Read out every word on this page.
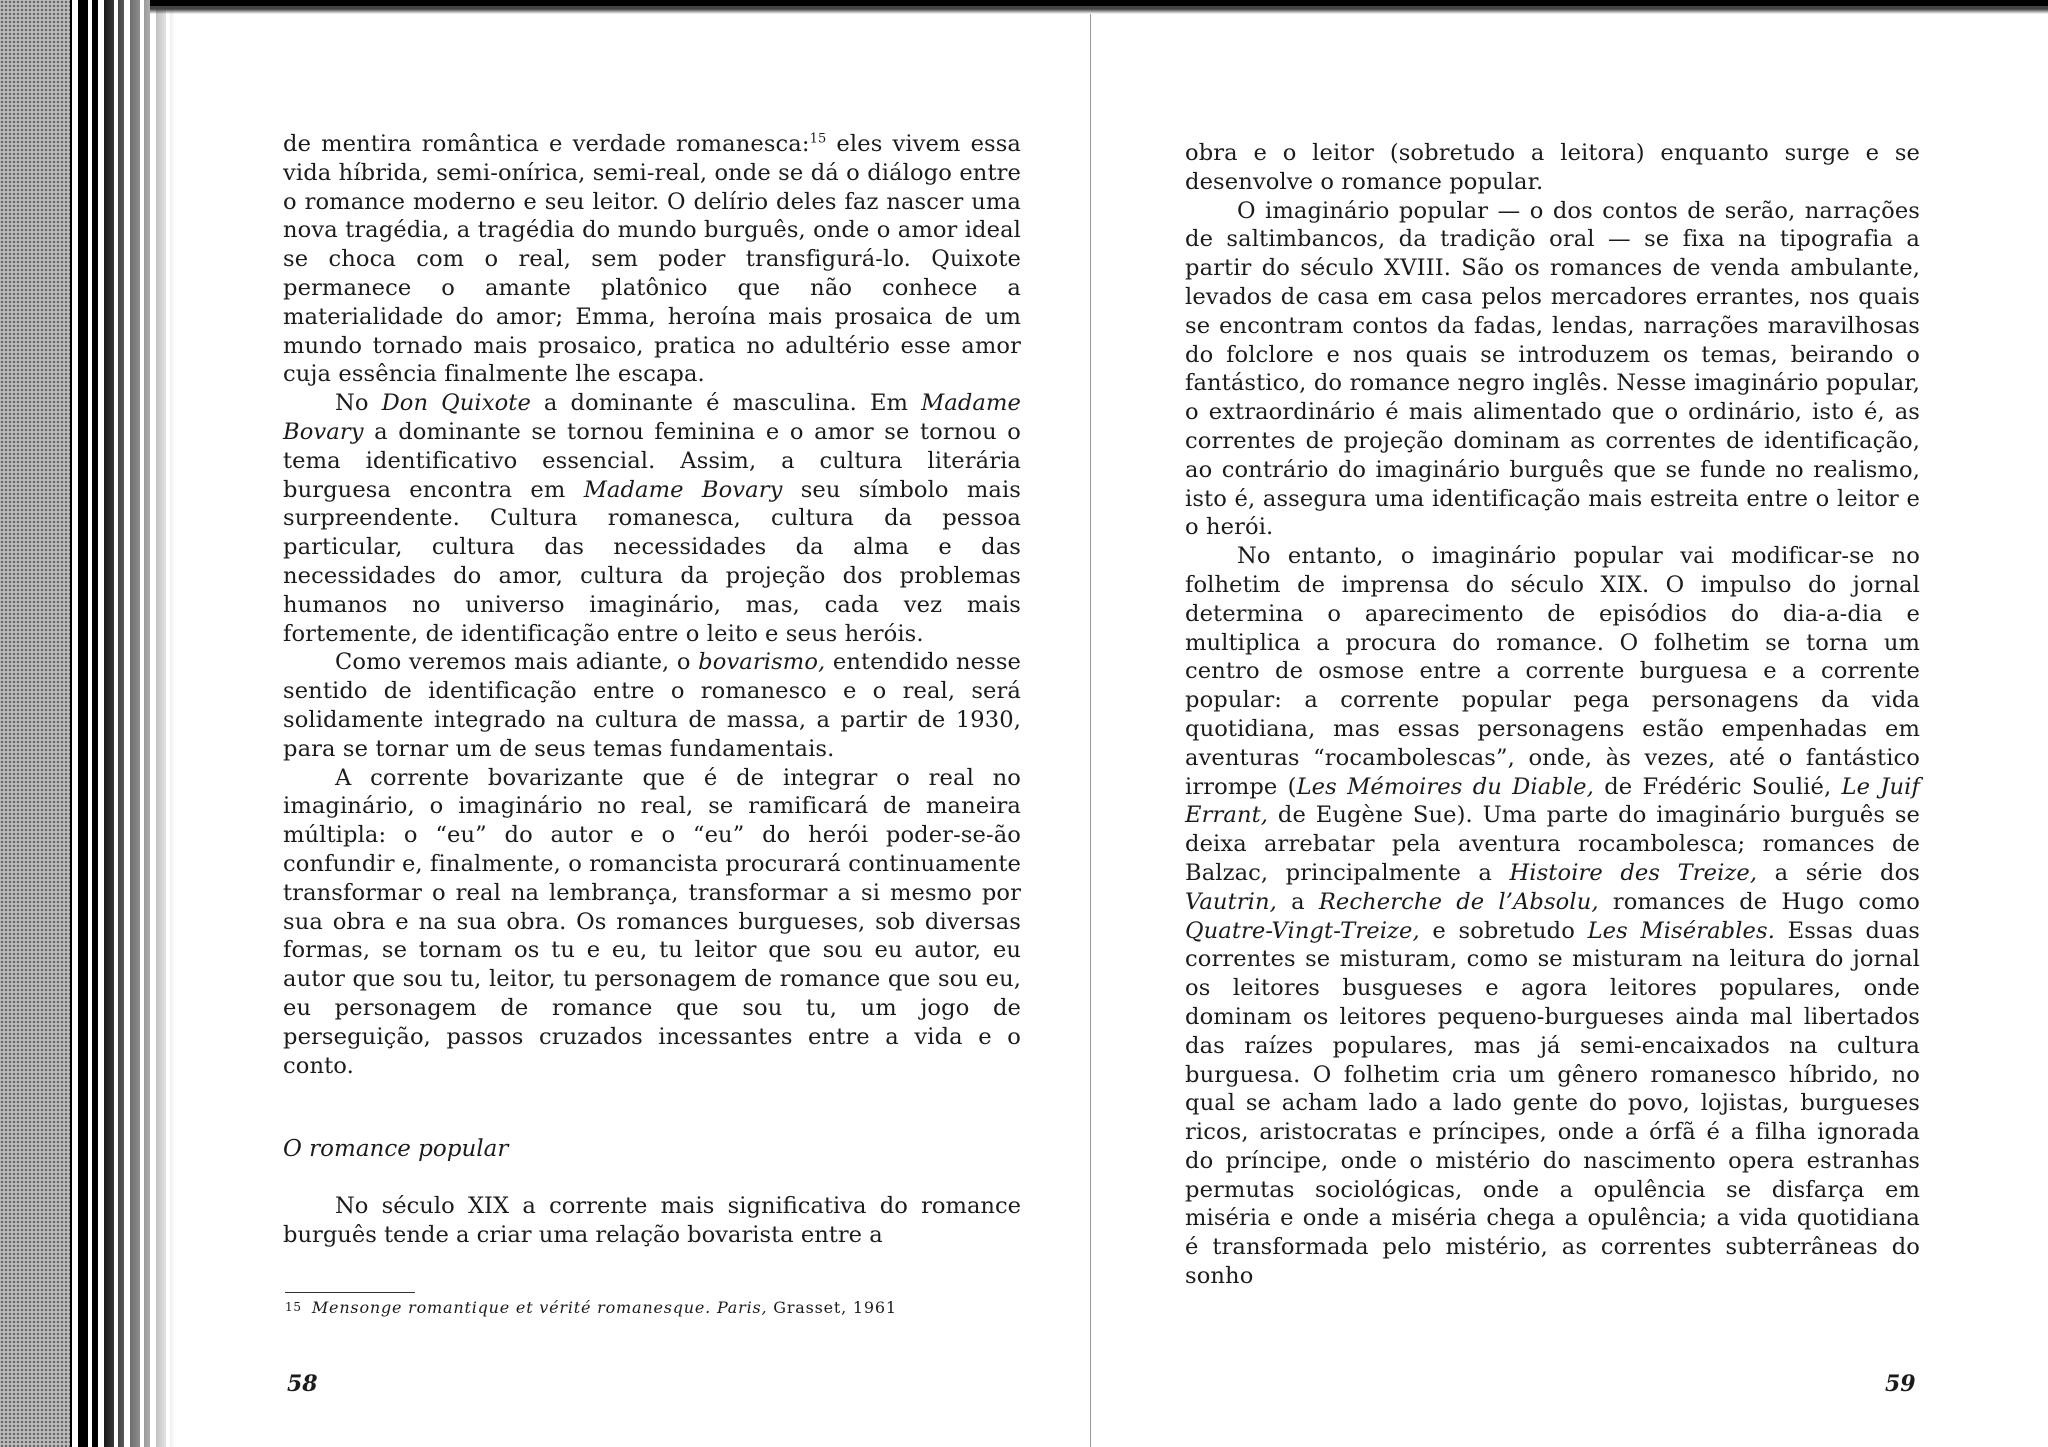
de mentira romântica e verdade romanesca:$^{15}$ eles vivem essa vida híbrida, semi-onírica, semi-real, onde se dá o diálogo entre o romance moderno e seu leitor. O delírio deles faz nascer uma nova tragédia, a tragédia do mundo burguês, onde o amor ideal se choca com o real, sem poder transfigurá-lo. Quixote permanece o amante platônico que não conhece a materialidade do amor; Emma, heroína mais prosaica de um mundo tornado mais prosaico, pratica no adultério esse amor cuja essência finalmente lhe escapa.

No Don Quixote a dominante é masculina. Em Madame Bovary a dominante se tornou feminina e o amor se tornou o tema identificativo essencial. Assim, a cultura literária burguesa encontra em Madame Bovary seu símbolo mais surpreendente. Cultura romanesca, cultura da pessoa particular, cultura das necessidades da alma e das necessidades do amor, cultura da projeção dos problemas humanos no universo imaginário, mas, cada vez mais fortemente, de identificação entre o leito e seus heróis.

Como veremos mais adiante, o bovarismo, entendido nesse sentido de identificação entre o romanesco e o real, será solidamente integrado na cultura de massa, a partir de 1930, para se tornar um de seus temas fundamentais.

A corrente bovarizante que é de integrar o real no imaginário, o imaginário no real, se ramificará de maneira múltipla: o “eu” do autor e o “eu” do herói poder-se-ão confundir e, finalmente, o romancista procurará continuamente transformar o real na lembrança, transformar a si mesmo por sua obra e na sua obra. Os romances burgueses, sob diversas formas, se tornam os tu e eu, tu leitor que sou eu autor, eu autor que sou tu, leitor, tu personagem de romance que sou eu, eu personagem de romance que sou tu, um jogo de perseguição, passos cruzados incessantes entre a vida e o conto.

O romance popular

No século XIX a corrente mais significativa do romance burguês tende a criar uma relação bovarista entre a

15 Mensonge romantique et vérité romanesque. Paris, Grasset, 1961
58

obra e o leitor (sobretudo a leitora) enquanto surge e se desenvolve o romance popular.

O imaginário popular — o dos contos de serão, narrações de saltimbancos, da tradição oral — se fixa na tipografia a partir do século XVIII. São os romances de venda ambulante, levados de casa em casa pelos mercadores errantes, nos quais se encontram contos da fadas, lendas, narrações maravilhosas do folclore e nos quais se introduzem os temas, beirando o fantástico, do romance negro inglês. Nesse imaginário popular, o extraordinário é mais alimentado que o ordinário, isto é, as correntes de projeção dominam as correntes de identificação, ao contrário do imaginário burguês que se funde no realismo, isto é, assegura uma identificação mais estreita entre o leitor e o herói.

No entanto, o imaginário popular vai modificar-se no folhetim de imprensa do século XIX. O impulso do jornal determina o aparecimento de episódios do dia-a-dia e multiplica a procura do romance. O folhetim se torna um centro de osmose entre a corrente burguesa e a corrente popular: a corrente popular pega personagens da vida quotidiana, mas essas personagens estão empenhadas em aventuras “rocambolescas”, onde, às vezes, até o fantástico irrompe (Les Mémoires du Diable, de Frédéric Soulié, Le Juif Errant, de Eugène Sue). Uma parte do imaginário burguês se deixa arrebatar pela aventura rocambolesca; romances de Balzac, principalmente a Histoire des Treize, a série dos Vautrin, a Recherche de l’Absolu, romances de Hugo como Quatre-Vingt-Treize, e sobretudo Les Misérables. Essas duas correntes se misturam, como se misturam na leitura do jornal os leitores busgueses e agora leitores populares, onde dominam os leitores pequeno-burgueses ainda mal libertados das raízes populares, mas já semi-encaixados na cultura burguesa. O folhetim cria um gênero romanesco híbrido, no qual se acham lado a lado gente do povo, lojistas, burgueses ricos, aristocratas e príncipes, onde a órfã é a filha ignorada do príncipe, onde o mistério do nascimento opera estranhas permutas sociológicas, onde a opulência se disfarça em miséria e onde a miséria chega a opulência; a vida quotidiana é transformada pelo mistério, as correntes subterrâneas do sonho

59
